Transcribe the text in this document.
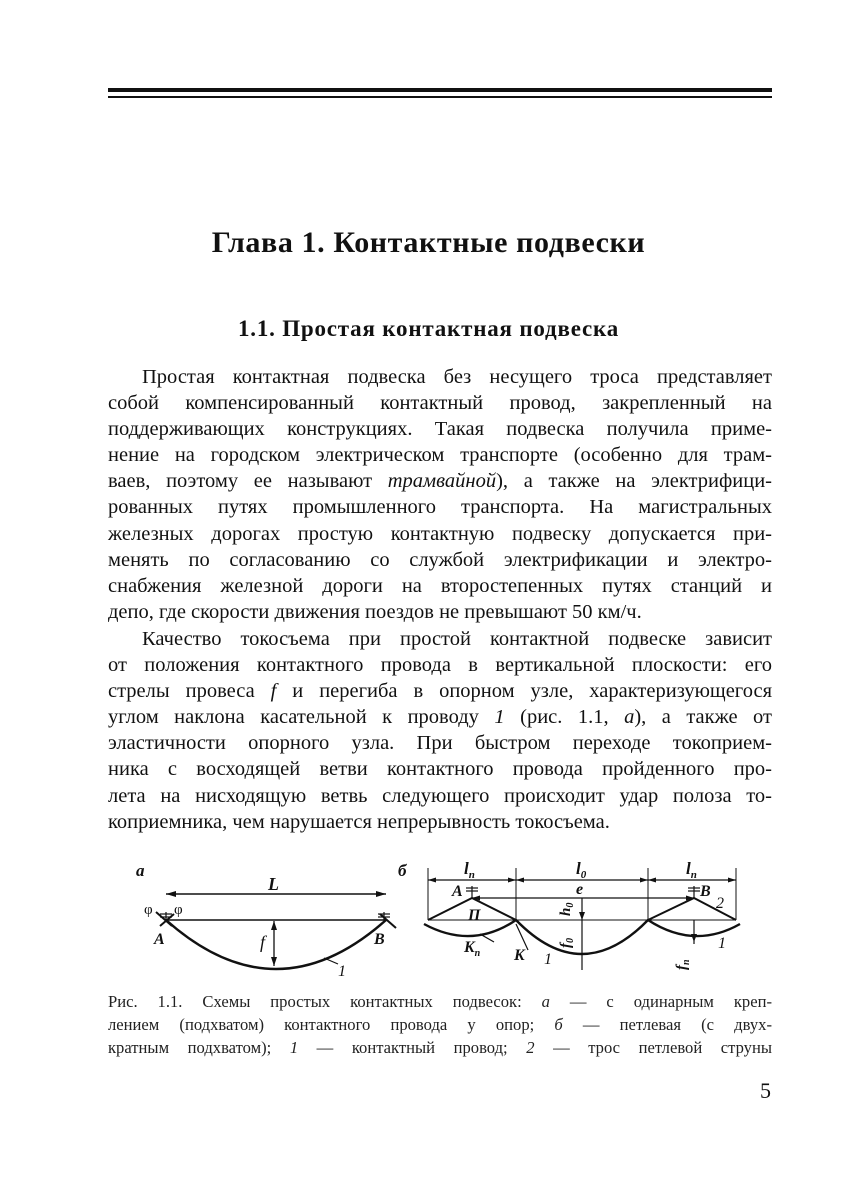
Глава 1. Контактные подвески
1.1. Простая контактная подвеска
Простая контактная подвеска без несущего троса представляет
собой компенсированный контактный провод, закрепленный на
поддерживающих конструкциях. Такая подвеска получила приме-
нение на городском электрическом транспорте (особенно для трам-
ваев, поэтому ее называют трамвайной), а также на электрифици-
рованных путях промышленного транспорта. На магистральных
железных дорогах простую контактную подвеску допускается при-
менять по согласованию со службой электрификации и электро-
снабжения железной дороги на второстепенных путях станций и
депо, где скорости движения поездов не превышают 50 км/ч.
Качество токосъема при простой контактной подвеске зависит
от положения контактного провода в вертикальной плоскости: его
стрелы провеса f и перегиба в опорном узле, характеризующегося
углом наклона касательной к проводу 1 (рис. 1.1, а), а также от
эластичности опорного узла. При быстром переходе токоприем-
ника с восходящей ветви контактного провода пройденного про-
лета на нисходящую ветвь следующего происходит удар полоза то-
коприемника, чем нарушается непрерывность токосъема.
а
L
φ φ
A	B
f
1
б	$l_п$	$l_0$	$l_п$
e
A	B
П
2
$h_0$
$f_0$
$f_п$
$K_п$ K 1
1
Рис. 1.1. Схемы простых контактных подвесок: а — с одинарным креп-
лением (подхватом) контактного провода у опор; б — петлевая (с двух-
кратным подхватом); 1 — контактный провод; 2 — трос петлевой струны
5
